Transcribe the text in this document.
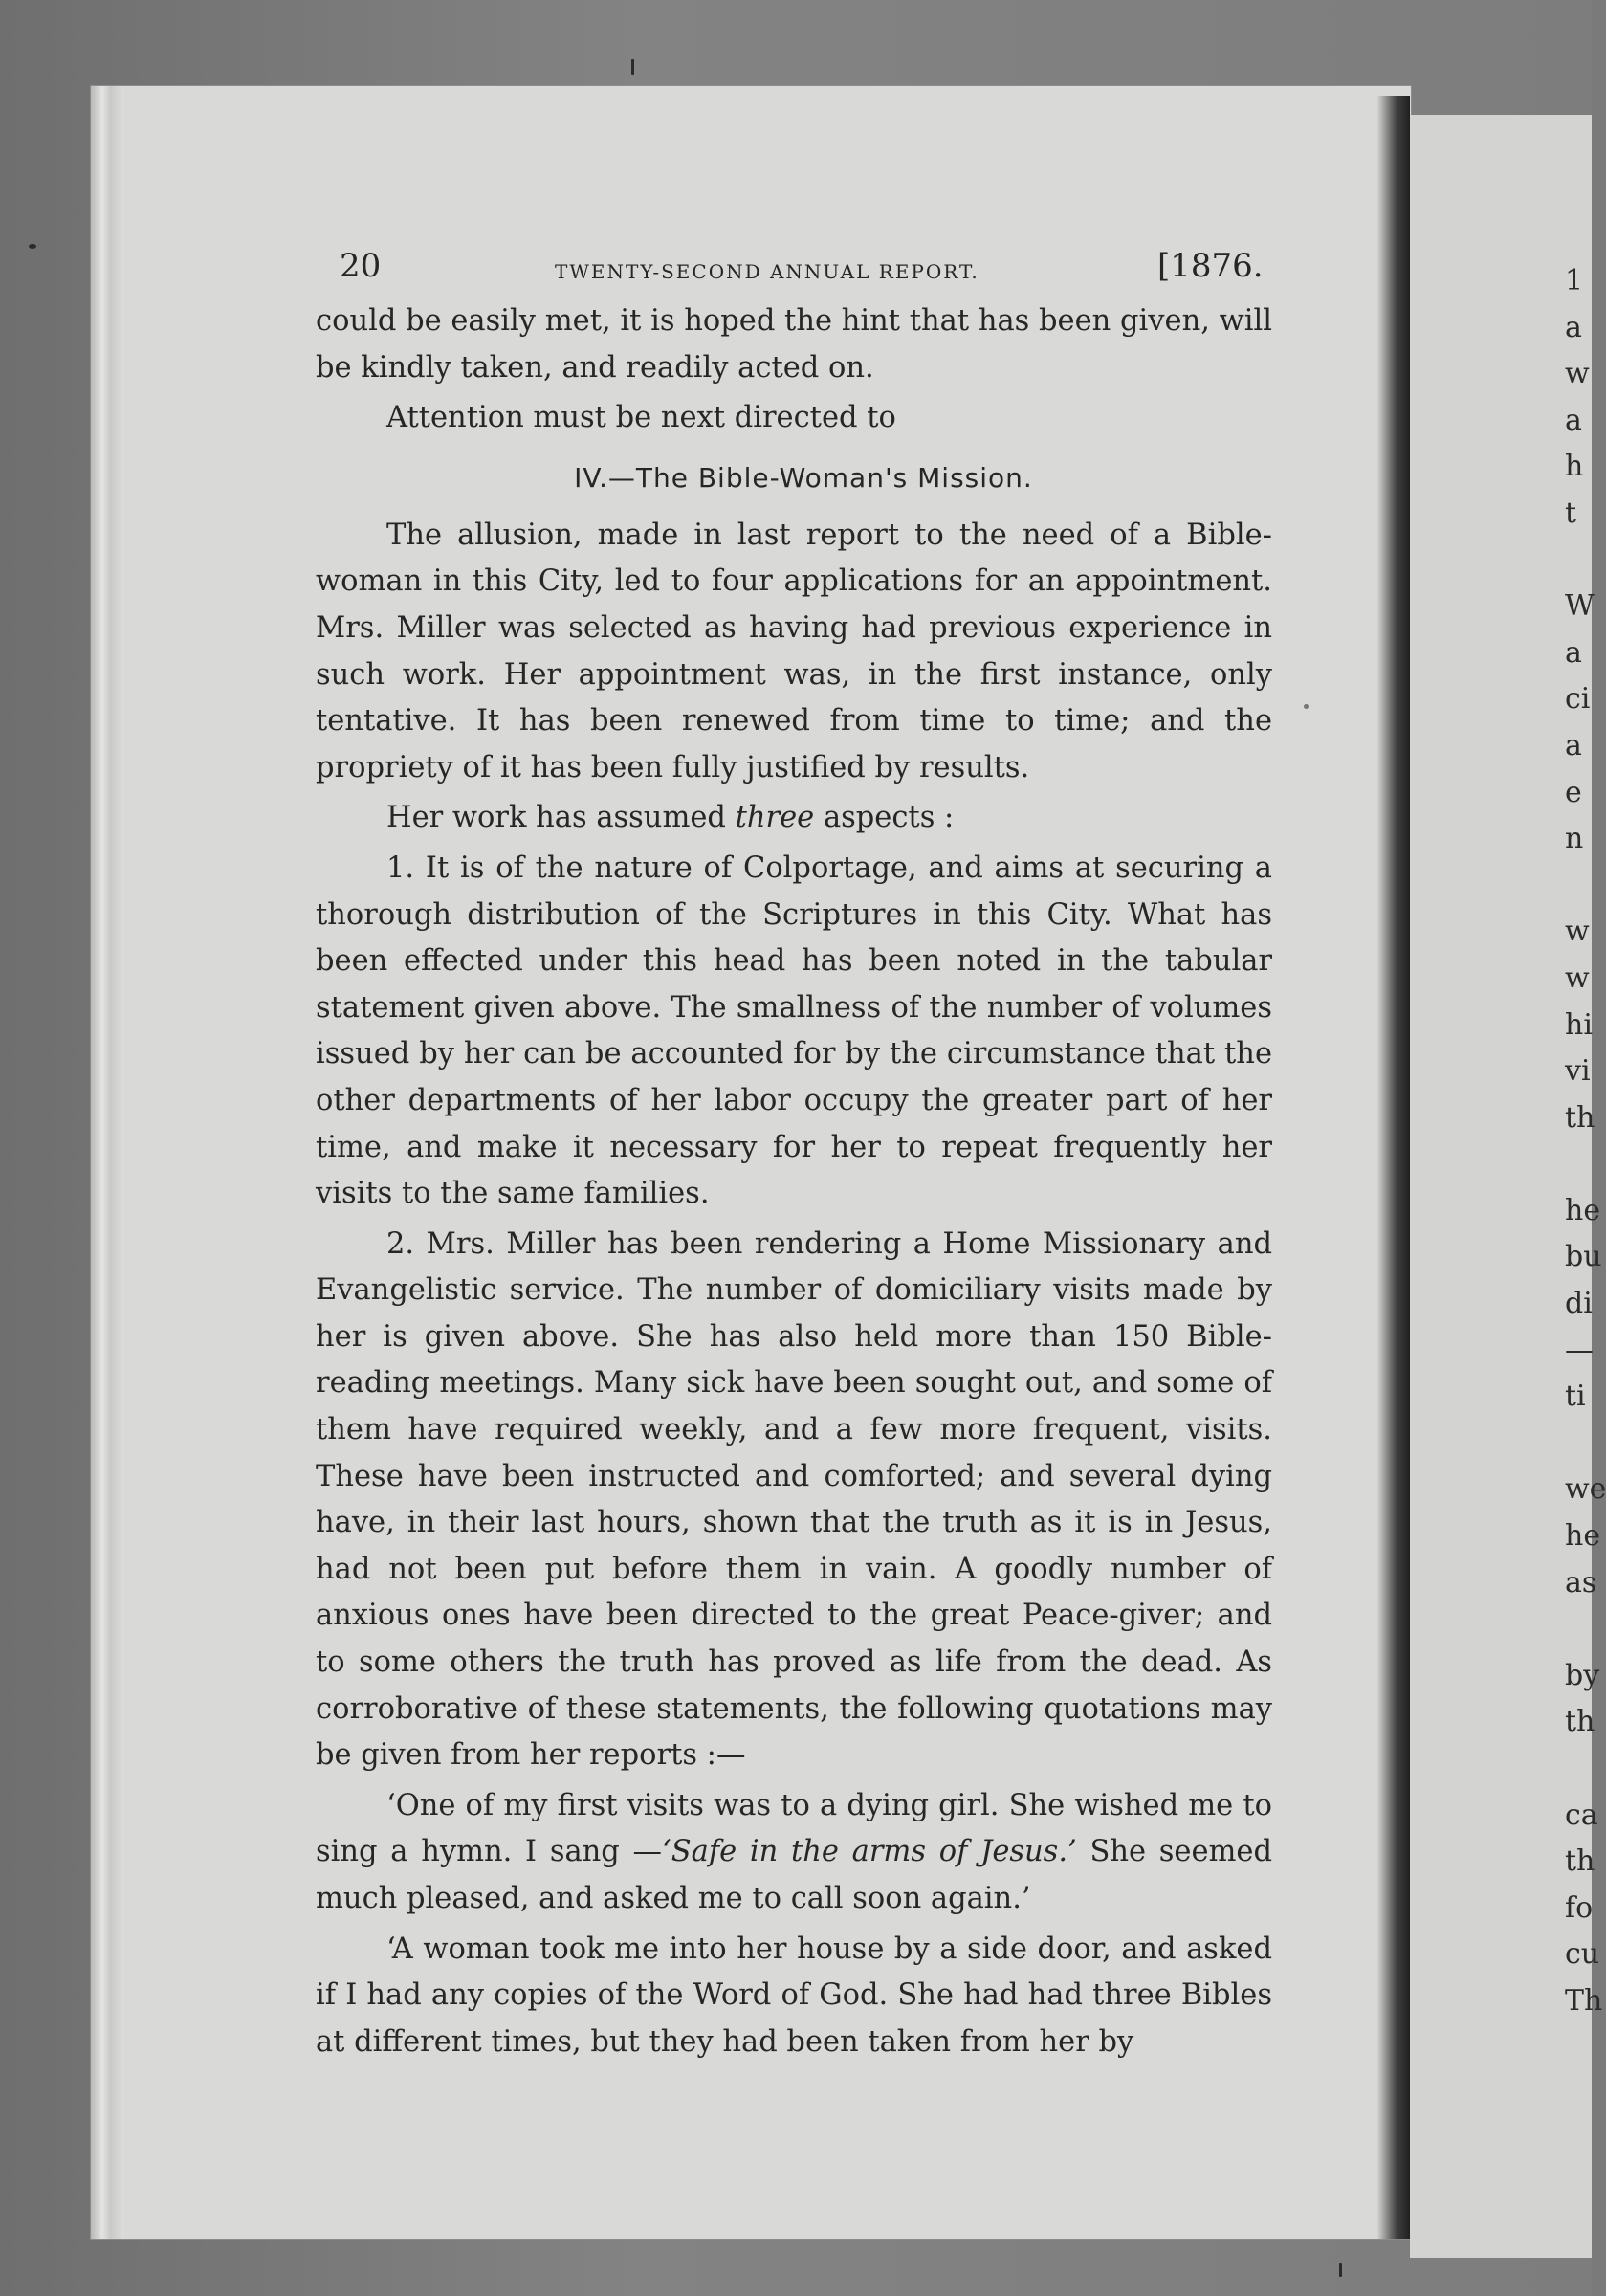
20	TWENTY-SECOND ANNUAL REPORT.	[1876.

could be easily met, it is hoped the hint that has been given, will be kindly taken, and readily acted on.

Attention must be next directed to

IV.—The Bible-Woman's Mission.

The allusion, made in last report to the need of a Bible-woman in this City, led to four applications for an appointment. Mrs. Miller was selected as having had previous experience in such work. Her appointment was, in the first instance, only tentative. It has been renewed from time to time; and the propriety of it has been fully justified by results.

Her work has assumed three aspects :

1. It is of the nature of Colportage, and aims at securing a thorough distribution of the Scriptures in this City. What has been effected under this head has been noted in the tabular statement given above. The smallness of the number of volumes issued by her can be accounted for by the circumstance that the other departments of her labor occupy the greater part of her time, and make it necessary for her to repeat frequently her visits to the same families.

2. Mrs. Miller has been rendering a Home Missionary and Evangelistic service. The number of domiciliary visits made by her is given above. She has also held more than 150 Bible-reading meetings. Many sick have been sought out, and some of them have required weekly, and a few more frequent, visits. These have been instructed and comforted; and several dying have, in their last hours, shown that the truth as it is in Jesus, had not been put before them in vain. A goodly number of anxious ones have been directed to the great Peace-giver; and to some others the truth has proved as life from the dead. As corroborative of these statements, the following quotations may be given from her reports :—

‘One of my first visits was to a dying girl. She wished me to sing a hymn. I sang —‘Safe in the arms of Jesus.’ She seemed much pleased, and asked me to call soon again.’

‘A woman took me into her house by a side door, and asked if I had any copies of the Word of God. She had had three Bibles at different times, but they had been taken from her by

1
a
w
a
h
t
W
a
ci
a
e
n
w
w
hi
vi
th
he
bu
di
—
ti
we
he
as
by
th
ca
th
fo
cu
Th
